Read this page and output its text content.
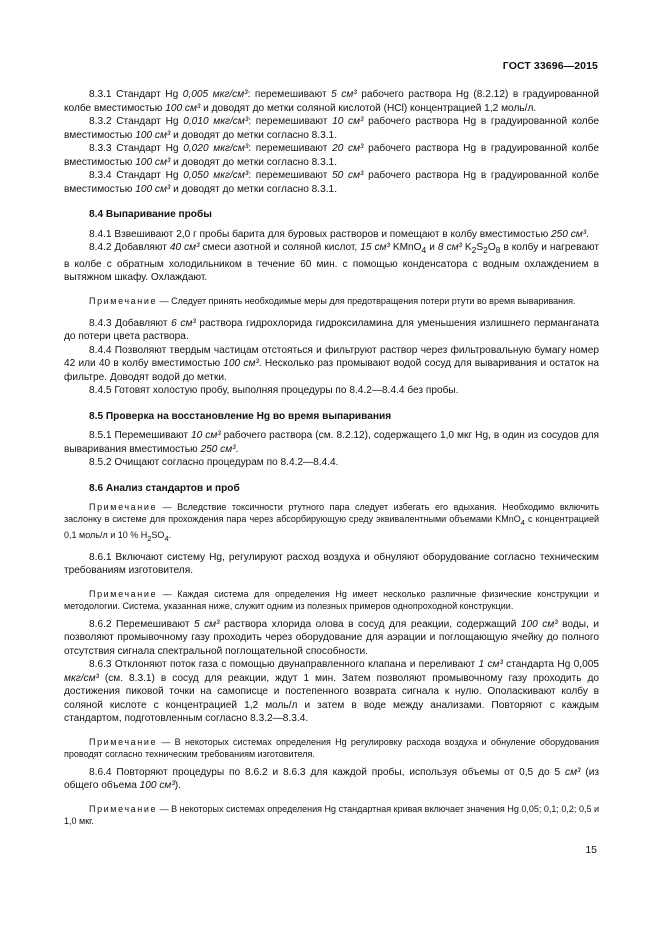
ГОСТ 33696—2015

8.3.1 Стандарт Hg 0,005 мкг/см³: перемешивают 5 см³ рабочего раствора Hg (8.2.12) в градуированной колбе вместимостью 100 см³ и доводят до метки соляной кислотой (HCl) концентрацией 1,2 моль/л.

8.3.2 Стандарт Hg 0,010 мкг/см³: перемешивают 10 см³ рабочего раствора Hg в градуированной колбе вместимостью 100 см³ и доводят до метки согласно 8.3.1.

8.3.3 Стандарт Hg 0,020 мкг/см³: перемешивают 20 см³ рабочего раствора Hg в градуированной колбе вместимостью 100 см³ и доводят до метки согласно 8.3.1.

8.3.4 Стандарт Hg 0,050 мкг/см³: перемешивают 50 см³ рабочего раствора Hg в градуированной колбе вместимостью 100 см³ и доводят до метки согласно 8.3.1.

8.4 Выпаривание пробы

8.4.1 Взвешивают 2,0 г пробы барита для буровых растворов и помещают в колбу вместимостью 250 см³.

8.4.2 Добавляют 40 см³ смеси азотной и соляной кислот, 15 см³ KMnO$_4$ и 8 см³ $K_2S_2O_8$ в колбу и нагревают в колбе с обратным холодильником в течение 60 мин. с помощью конденсатора с водным охлаждением в вытяжном шкафу. Охлаждают.

Примечание — Следует принять необходимые меры для предотвращения потери ртути во время вываривания.

8.4.3 Добавляют 6 см³ раствора гидрохлорида гидроксиламина для уменьшения излишнего перманганата до потери цвета раствора.

8.4.4 Позволяют твердым частицам отстояться и фильтруют раствор через фильтровальную бумагу номер 42 или 40 в колбу вместимостью 100 см³. Несколько раз промывают водой сосуд для вываривания и остаток на фильтре. Доводят водой до метки.

8.4.5 Готовят холостую пробу, выполняя процедуры по 8.4.2—8.4.4 без пробы.

8.5 Проверка на восстановление Hg во время выпаривания

8.5.1 Перемешивают 10 см³ рабочего раствора (см. 8.2.12), содержащего 1,0 мкг Hg, в один из сосудов для вываривания вместимостью 250 см³.

8.5.2 Очищают согласно процедурам по 8.4.2—8.4.4.

8.6 Анализ стандартов и проб

Примечание — Вследствие токсичности ртутного пара следует избегать его вдыхания. Необходимо включить заслонку в системе для прохождения пара через абсорбирующую среду эквивалентными объемами KMnO$_4$ с концентрацией 0,1 моль/л и 10 % $H_2SO_4$.

8.6.1 Включают систему Hg, регулируют расход воздуха и обнуляют оборудование согласно техническим требованиям изготовителя.

Примечание — Каждая система для определения Hg имеет несколько различные физические конструкции и методологии. Система, указанная ниже, служит одним из полезных примеров однопроходной конструкции.

8.6.2 Перемешивают 5 см³ раствора хлорида олова в сосуд для реакции, содержащий 100 см³ воды, и позволяют промывочному газу проходить через оборудование для аэрации и поглощающую ячейку до полного отсутствия сигнала спектральной поглощательной способности.

8.6.3 Отклоняют поток газа с помощью двунаправленного клапана и переливают 1 см³ стандарта Hg 0,005 мкг/см³ (см. 8.3.1) в сосуд для реакции, ждут 1 мин. Затем позволяют промывочному газу проходить до достижения пиковой точки на самописце и постепенного возврата сигнала к нулю. Ополаскивают колбу в соляной кислоте с концентрацией 1,2 моль/л и затем в воде между анализами. Повторяют с каждым стандартом, подготовленным согласно 8.3.2—8.3.4.

Примечание — В некоторых системах определения Hg регулировку расхода воздуха и обнуление оборудования проводят согласно техническим требованиям изготовителя.

8.6.4 Повторяют процедуры по 8.6.2 и 8.6.3 для каждой пробы, используя объемы от 0,5 до 5 см³ (из общего объема 100 см³).

Примечание — В некоторых системах определения Hg стандартная кривая включает значения Hg 0,05; 0,1; 0,2; 0,5 и 1,0 мкг.

15
